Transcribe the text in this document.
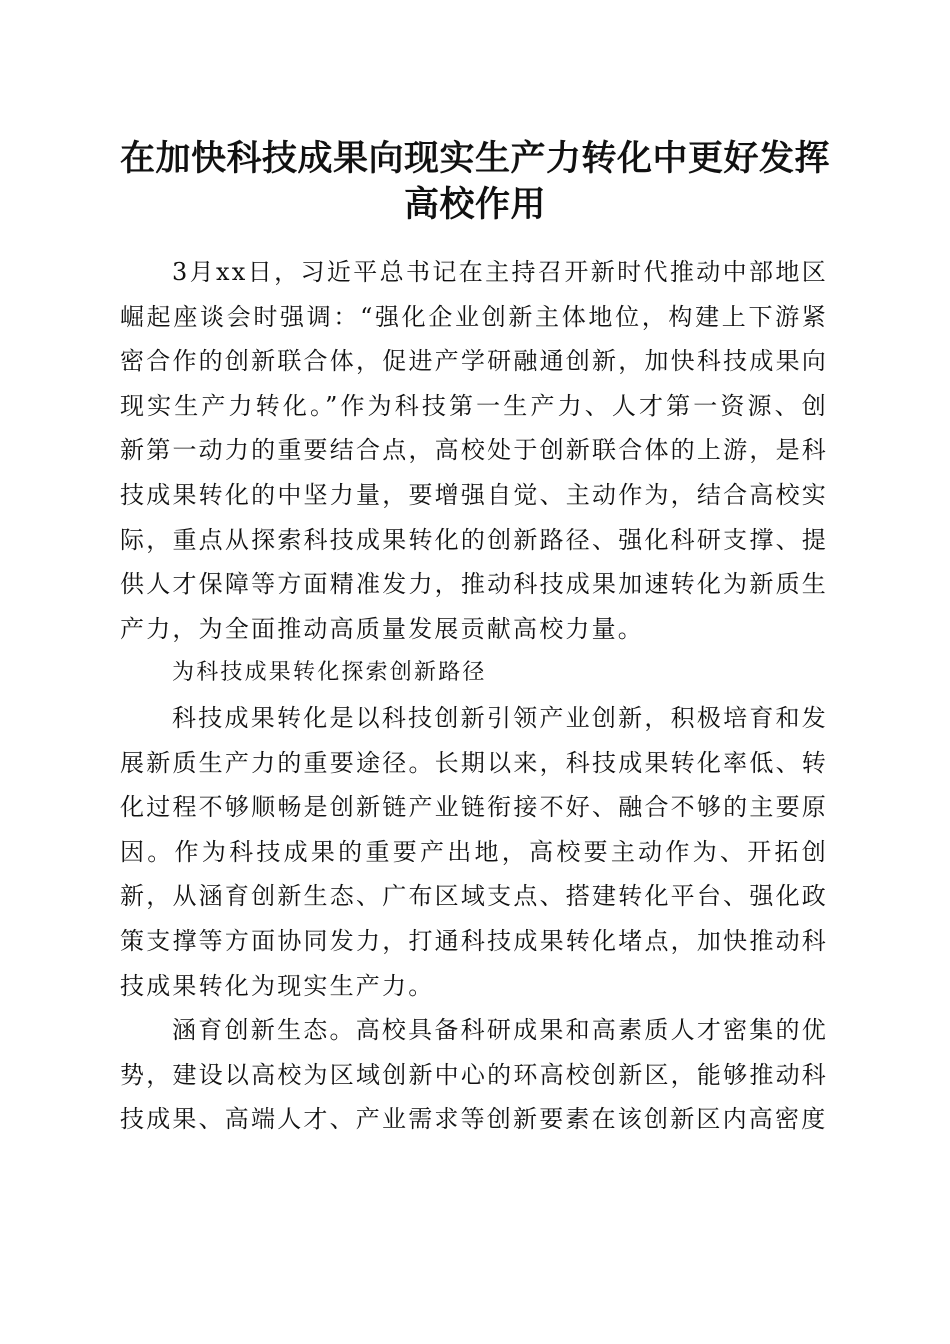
在加快科技成果向现实生产力转化中更好发挥
高校作用

3月xx日，习近平总书记在主持召开新时代推动中部地区崛起座谈会时强调：“强化企业创新主体地位，构建上下游紧密合作的创新联合体，促进产学研融通创新，加快科技成果向现实生产力转化。”作为科技第一生产力、人才第一资源、创新第一动力的重要结合点，高校处于创新联合体的上游，是科技成果转化的中坚力量，要增强自觉、主动作为，结合高校实际，重点从探索科技成果转化的创新路径、强化科研支撑、提供人才保障等方面精准发力，推动科技成果加速转化为新质生产力，为全面推动高质量发展贡献高校力量。

为科技成果转化探索创新路径

科技成果转化是以科技创新引领产业创新，积极培育和发展新质生产力的重要途径。长期以来，科技成果转化率低、转化过程不够顺畅是创新链产业链衔接不好、融合不够的主要原因。作为科技成果的重要产出地，高校要主动作为、开拓创新，从涵育创新生态、广布区域支点、搭建转化平台、强化政策支撑等方面协同发力，打通科技成果转化堵点，加快推动科技成果转化为现实生产力。

涵育创新生态。高校具备科研成果和高素质人才密集的优势，建设以高校为区域创新中心的环高校创新区，能够推动科技成果、高端人才、产业需求等创新要素在该创新区内高密度
